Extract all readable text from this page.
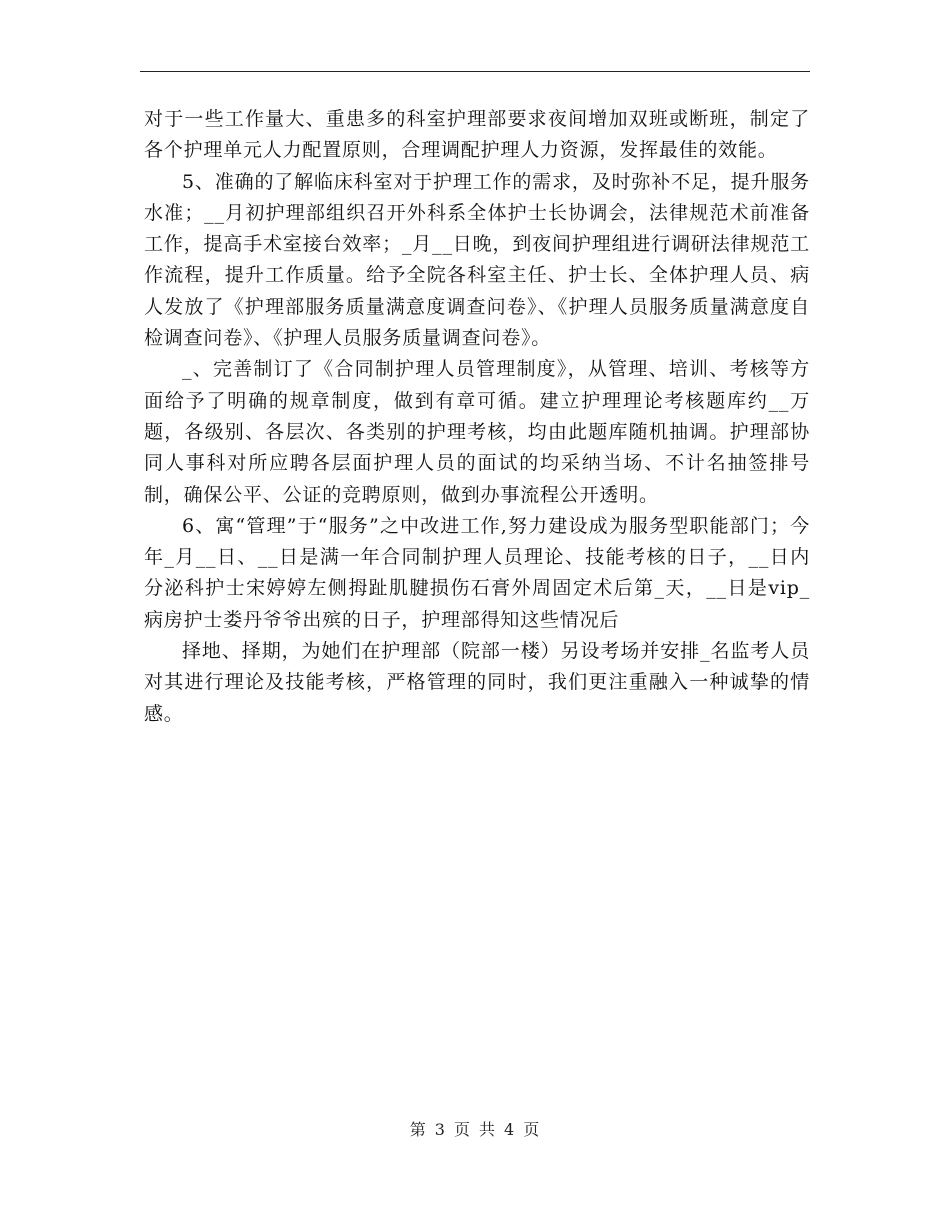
对于一些工作量大、重患多的科室护理部要求夜间增加双班或断班，制定了各个护理单元人力配置原则，合理调配护理人力资源，发挥最佳的效能。

5、准确的了解临床科室对于护理工作的需求，及时弥补不足，提升服务水准；__月初护理部组织召开外科系全体护士长协调会，法律规范术前准备工作，提高手术室接台效率；_月__日晚，到夜间护理组进行调研法律规范工作流程，提升工作质量。给予全院各科室主任、护士长、全体护理人员、病人发放了《护理部服务质量满意度调查问卷》、《护理人员服务质量满意度自检调查问卷》、《护理人员服务质量调查问卷》。

_、完善制订了《合同制护理人员管理制度》，从管理、培训、考核等方面给予了明确的规章制度，做到有章可循。建立护理理论考核题库约__万题，各级别、各层次、各类别的护理考核，均由此题库随机抽调。护理部协同人事科对所应聘各层面护理人员的面试的均采纳当场、不计名抽签排号制，确保公平、公证的竞聘原则，做到办事流程公开透明。

6、寓“管理”于“服务”之中改进工作,努力建设成为服务型职能部门；今年_月__日、__日是满一年合同制护理人员理论、技能考核的日子，__日内分泌科护士宋婷婷左侧拇趾肌腱损伤石膏外周固定术后第_天，__日是vip_病房护士娄丹爷爷出殡的日子，护理部得知这些情况后

择地、择期，为她们在护理部（院部一楼）另设考场并安排_名监考人员对其进行理论及技能考核，严格管理的同时，我们更注重融入一种诚挚的情感。

第 3 页 共 4 页
